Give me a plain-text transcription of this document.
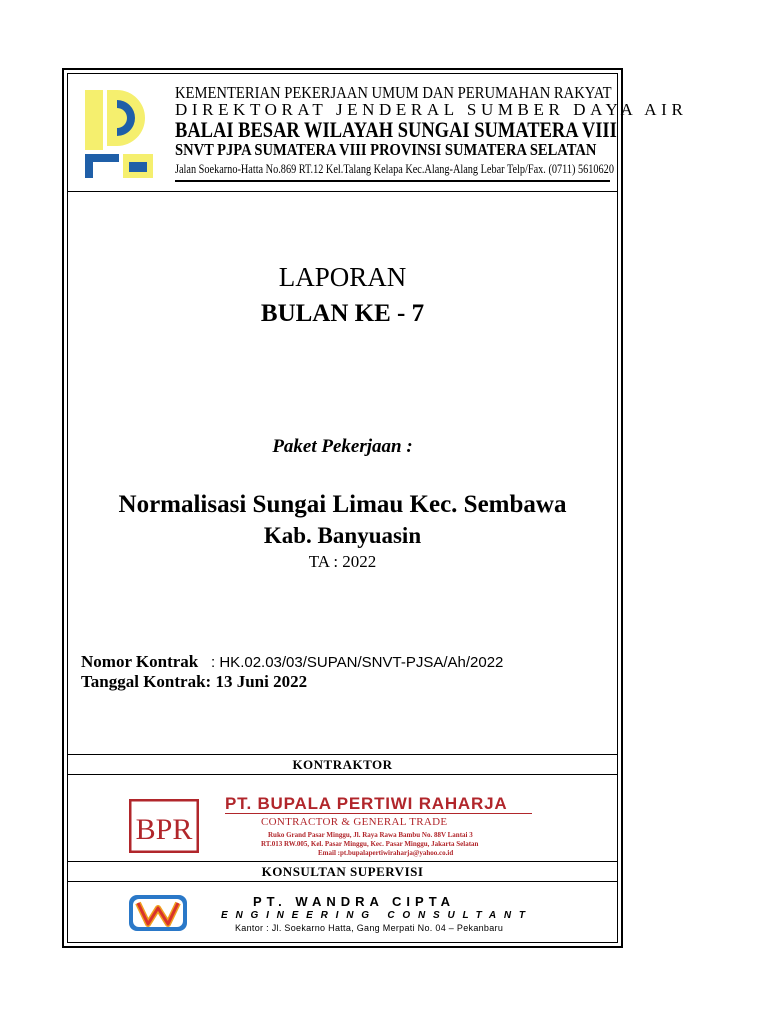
KEMENTERIAN PEKERJAAN UMUM DAN PERUMAHAN RAKYAT
DIREKTORAT JENDERAL SUMBER DAYA AIR
BALAI BESAR WILAYAH SUNGAI SUMATERA VIII
SNVT PJPA SUMATERA VIII PROVINSI SUMATERA SELATAN
Jalan Soekarno-Hatta No.869 RT.12 Kel.Talang Kelapa Kec.Alang-Alang Lebar Telp/Fax. (0711) 5610620
LAPORAN
BULAN KE - 7
Paket Pekerjaan :
Normalisasi Sungai Limau Kec. Sembawa
Kab. Banyuasin
TA : 2022
Nomor Kontrak : HK.02.03/03/SUPAN/SNVT-PJSA/Ah/2022
Tanggal Kontrak: 13 Juni 2022
KONTRAKTOR
BPR
PT. BUPALA PERTIWI RAHARJA
CONTRACTOR & GENERAL TRADE
Ruko Grand Pasar Minggu, Jl. Raya Rawa Bambu No. 88V Lantai 3
RT.013 RW.005, Kel. Pasar Minggu, Kec. Pasar Minggu, Jakarta Selatan
Email :pt.bupalapertiwiraharja@yahoo.co.id
KONSULTAN SUPERVISI
PT. WANDRA CIPTA
ENGINEERING CONSULTANT
Kantor : Jl. Soekarno Hatta, Gang Merpati No. 04 – Pekanbaru
